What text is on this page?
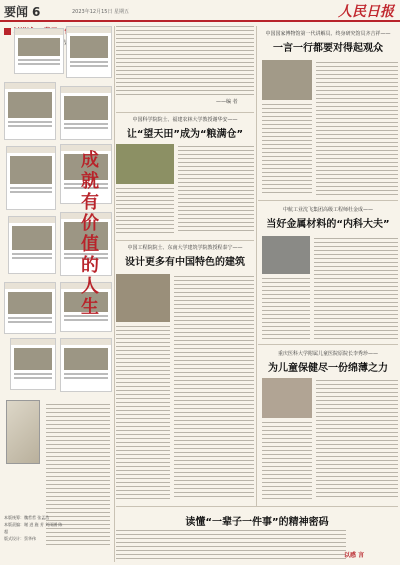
要闻 6	2023年12月15日 星期五	人民日报
本版统筹：魏哲哲 张孟浩
本版责编：谢 进 施 芳 刘雨涵 陈 超
版式设计：蔡华伟
成
就
有
价
值
的
人
生
——编 者
中国科学院院士、福建农林大学教授谢华安——
让“望天田”成为“粮满仓”
中国工程院院士、东南大学建筑学院教授程泰宁——
设计更多有中国特色的建筑
中国国家博物馆第一代讲解员、终身研究馆员齐吉祥——
一言一行都要对得起观众
中航工业沈飞集团高级工程师杜金成——
当好金属材料的“内科大夫”
重庆医科大学附属儿童医院原院长李秀珍——
为儿童保健尽一份绵薄之力
读懂“一辈子一件事”的精神密码
以感 言
